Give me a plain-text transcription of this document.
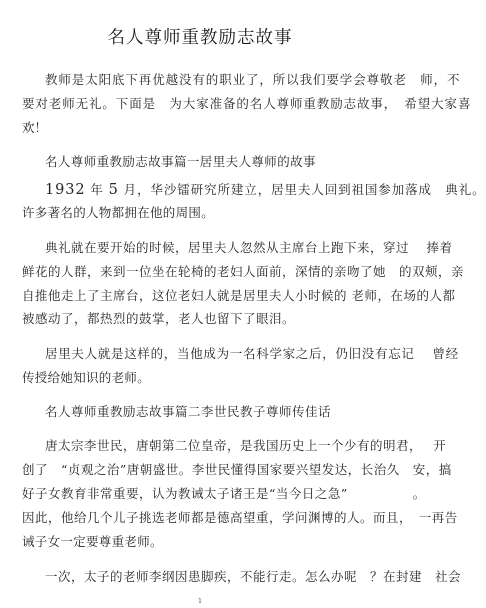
名人尊师重教励志故事
教师是太阳底下再优越没有的职业了，所以我们要学会尊敬老　师，不
要对老师无礼。下面是　为大家准备的名人尊师重教励志故事，　希望大家喜
欢！
名人尊师重教励志故事篇一居里夫人尊师的故事
1932 年 5 月，华沙镭研究所建立，居里夫人回到祖国参加落成　典礼。
许多著名的人物都拥在他的周围。
典礼就在要开始的时候，居里夫人忽然从主席台上跑下来，穿过　 捧着
鲜花的人群，来到一位坐在轮椅的老妇人面前，深情的亲吻了她　的双颊，亲
自推他走上了主席台，这位老妇人就是居里夫人小时候的 老师，在场的人都
被感动了，都热烈的鼓掌，老人也留下了眼泪。
居里夫人就是这样的，当他成为一名科学家之后，仍旧没有忘记　 曾经
传授给她知识的老师。
名人尊师重教励志故事篇二李世民教子尊师传佳话
唐太宗李世民，唐朝第二位皇帝，是我国历史上一个少有的明君，　 开
创了　“贞观之治”唐朝盛世。李世民懂得国家要兴望发达，长治久　安，搞
好子女教育非常重要，认为教诫太子诸王是“当今日之急”　　　　　。
因此，他给几个儿子挑选老师都是德高望重，学问渊博的人。而且，　一再告
诫子女一定要尊重老师。
一次，太子的老师李纲因患脚疾，不能行走。怎么办呢　？在封建　社会
1
